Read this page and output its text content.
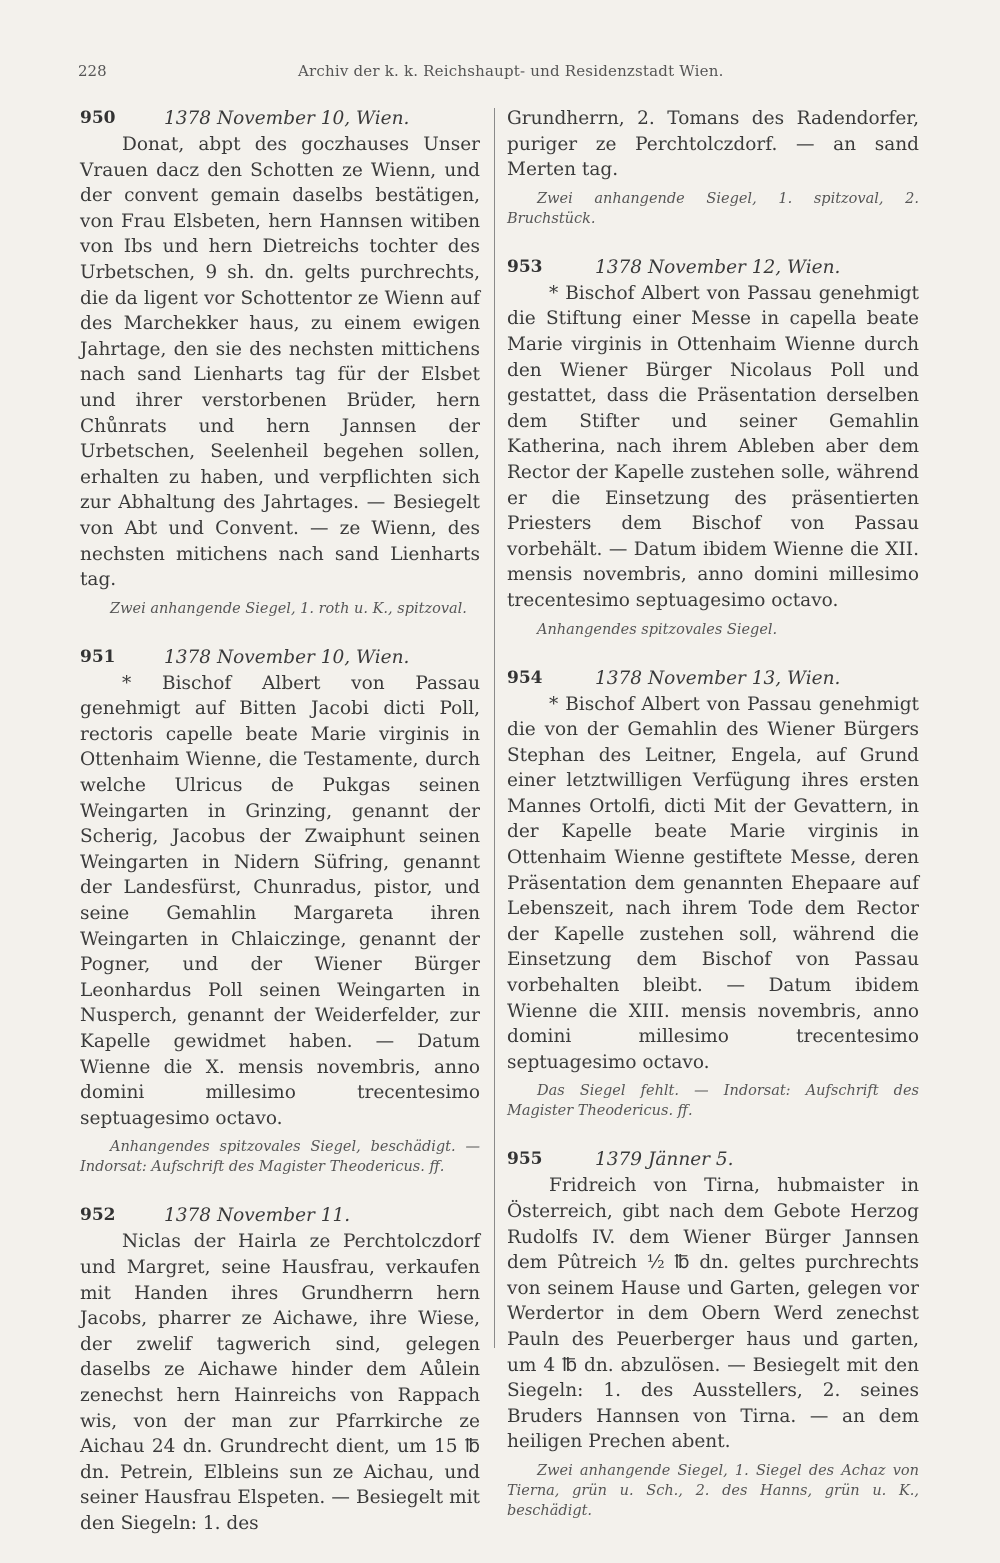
228	Archiv der k. k. Reichshaupt- und Residenzstadt Wien.
950	1378 November 10, Wien.

Donat, abpt des goczhauses Unser Vrauen dacz den Schotten ze Wienn, und der convent gemain daselbs bestätigen, von Frau Elsbeten, hern Hannsen witiben von Ibs und hern Dietreichs tochter des Urbetschen, 9 sh. dn. gelts purchrechts, die da ligent vor Schottentor ze Wienn auf des Marchekker haus, zu einem ewigen Jahrtage, den sie des nechsten mittichens nach sand Lienharts tag für der Elsbet und ihrer verstorbenen Brüder, hern Chůnrats und hern Jannsen der Urbetschen, Seelenheil begehen sollen, erhalten zu haben, und verpflichten sich zur Abhaltung des Jahrtages. — Besiegelt von Abt und Convent. — ze Wienn, des nechsten mitichens nach sand Lienharts tag.

Zwei anhangende Siegel, 1. roth u. K., spitzoval.

951	1378 November 10, Wien.

* Bischof Albert von Passau genehmigt auf Bitten Jacobi dicti Poll, rectoris capelle beate Marie virginis in Ottenhaim Wienne, die Testamente, durch welche Ulricus de Pukgas seinen Weingarten in Grinzing, genannt der Scherig, Jacobus der Zwaiphunt seinen Weingarten in Nidern Süfring, genannt der Landesfürst, Chunradus, pistor, und seine Gemahlin Margareta ihren Weingarten in Chlaiczinge, genannt der Pogner, und der Wiener Bürger Leonhardus Poll seinen Weingarten in Nusperch, genannt der Weiderfelder, zur Kapelle gewidmet haben. — Datum Wienne die X. mensis novembris, anno domini millesimo trecentesimo septuagesimo octavo.

Anhangendes spitzovales Siegel, beschädigt. — Indorsat: Aufschrift des Magister Theodericus. ff.

952	1378 November 11.

Niclas der Hairla ze Perchtolczdorf und Margret, seine Hausfrau, verkaufen mit Handen ihres Grundherrn hern Jacobs, pharrer ze Aichawe, ihre Wiese, der zwelif tagwerich sind, gelegen daselbs ze Aichawe hinder dem Aůlein zenechst hern Hainreichs von Rappach wis, von der man zur Pfarrkirche ze Aichau 24 dn. Grundrecht dient, um 15 ℔ dn. Petrein, Elbleins sun ze Aichau, und seiner Hausfrau Elspeten. — Besiegelt mit den Siegeln: 1. des

Grundherrn, 2. Tomans des Radendorfer, puriger ze Perchtolczdorf. — an sand Merten tag.

Zwei anhangende Siegel, 1. spitzoval, 2. Bruchstück.

953	1378 November 12, Wien.

* Bischof Albert von Passau genehmigt die Stiftung einer Messe in capella beate Marie virginis in Ottenhaim Wienne durch den Wiener Bürger Nicolaus Poll und gestattet, dass die Präsentation derselben dem Stifter und seiner Gemahlin Katherina, nach ihrem Ableben aber dem Rector der Kapelle zustehen solle, während er die Einsetzung des präsentierten Priesters dem Bischof von Passau vorbehält. — Datum ibidem Wienne die XII. mensis novembris, anno domini millesimo trecentesimo septuagesimo octavo.

Anhangendes spitzovales Siegel.

954	1378 November 13, Wien.

* Bischof Albert von Passau genehmigt die von der Gemahlin des Wiener Bürgers Stephan des Leitner, Engela, auf Grund einer letztwilligen Verfügung ihres ersten Mannes Ortolfi, dicti Mit der Gevattern, in der Kapelle beate Marie virginis in Ottenhaim Wienne gestiftete Messe, deren Präsentation dem genannten Ehepaare auf Lebenszeit, nach ihrem Tode dem Rector der Kapelle zustehen soll, während die Einsetzung dem Bischof von Passau vorbehalten bleibt. — Datum ibidem Wienne die XIII. mensis novembris, anno domini millesimo trecentesimo septuagesimo octavo.

Das Siegel fehlt. — Indorsat: Aufschrift des Magister Theodericus. ff.

955	1379 Jänner 5.

Fridreich von Tirna, hubmaister in Österreich, gibt nach dem Gebote Herzog Rudolfs IV. dem Wiener Bürger Jannsen dem Pûtreich ½ ℔ dn. geltes purchrechts von seinem Hause und Garten, gelegen vor Werdertor in dem Obern Werd zenechst Pauln des Peuerberger haus und garten, um 4 ℔ dn. abzulösen. — Besiegelt mit den Siegeln: 1. des Ausstellers, 2. seines Bruders Hannsen von Tirna. — an dem heiligen Prechen abent.

Zwei anhangende Siegel, 1. Siegel des Achaz von Tierna, grün u. Sch., 2. des Hanns, grün u. K., beschädigt.
